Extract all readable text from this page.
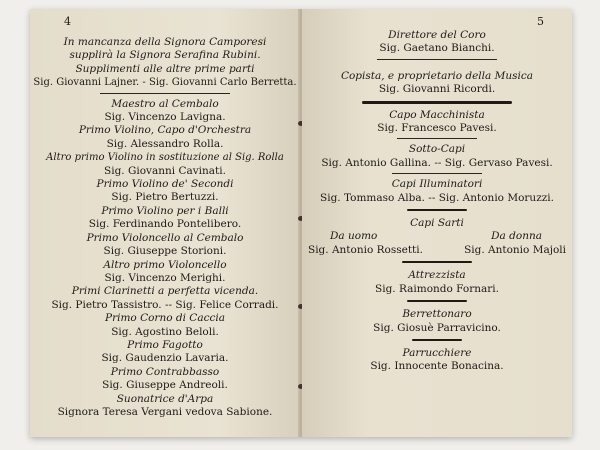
4
In mancanza della Signora Camporesi
supplirà la Signora Serafina Rubini.
Supplimenti alle altre prime parti
Sig. Giovanni Lajner. - Sig. Giovanni Carlo Berretta.
Maestro al Cembalo
Sig. Vincenzo Lavigna.
Primo Violino, Capo d'Orchestra
Sig. Alessandro Rolla.
Altro primo Violino in sostituzione al Sig. Rolla
Sig. Giovanni Cavinati.
Primo Violino de' Secondi
Sig. Pietro Bertuzzi.
Primo Violino per i Balli
Sig. Ferdinando Pontelibero.
Primo Violoncello al Cembalo
Sig. Giuseppe Storioni.
Altro primo Violoncello
Sig. Vincenzo Merighi.
Primi Clarinetti a perfetta vicenda.
Sig. Pietro Tassistro. -- Sig. Felice Corradi.
Primo Corno di Caccia
Sig. Agostino Beloli.
Primo Fagotto
Sig. Gaudenzio Lavaria.
Primo Contrabbasso
Sig. Giuseppe Andreoli.
Suonatrice d'Arpa
Signora Teresa Vergani vedova Sabione.
5
Direttore del Coro
Sig. Gaetano Bianchi.
Copista, e proprietario della Musica
Sig. Giovanni Ricordi.
Capo Macchinista
Sig. Francesco Pavesi.
Sotto-Capi
Sig. Antonio Gallina. -- Sig. Gervaso Pavesi.
Capi Illuminatori
Sig. Tommaso Alba. -- Sig. Antonio Moruzzi.
Capi Sarti
Da uomo	Da donna
Sig. Antonio Rossetti.	Sig. Antonio Majoli
Attrezzista
Sig. Raimondo Fornari.
Berrettonaro
Sig. Giosuè Parravicino.
Parrucchiere
Sig. Innocente Bonacina.
